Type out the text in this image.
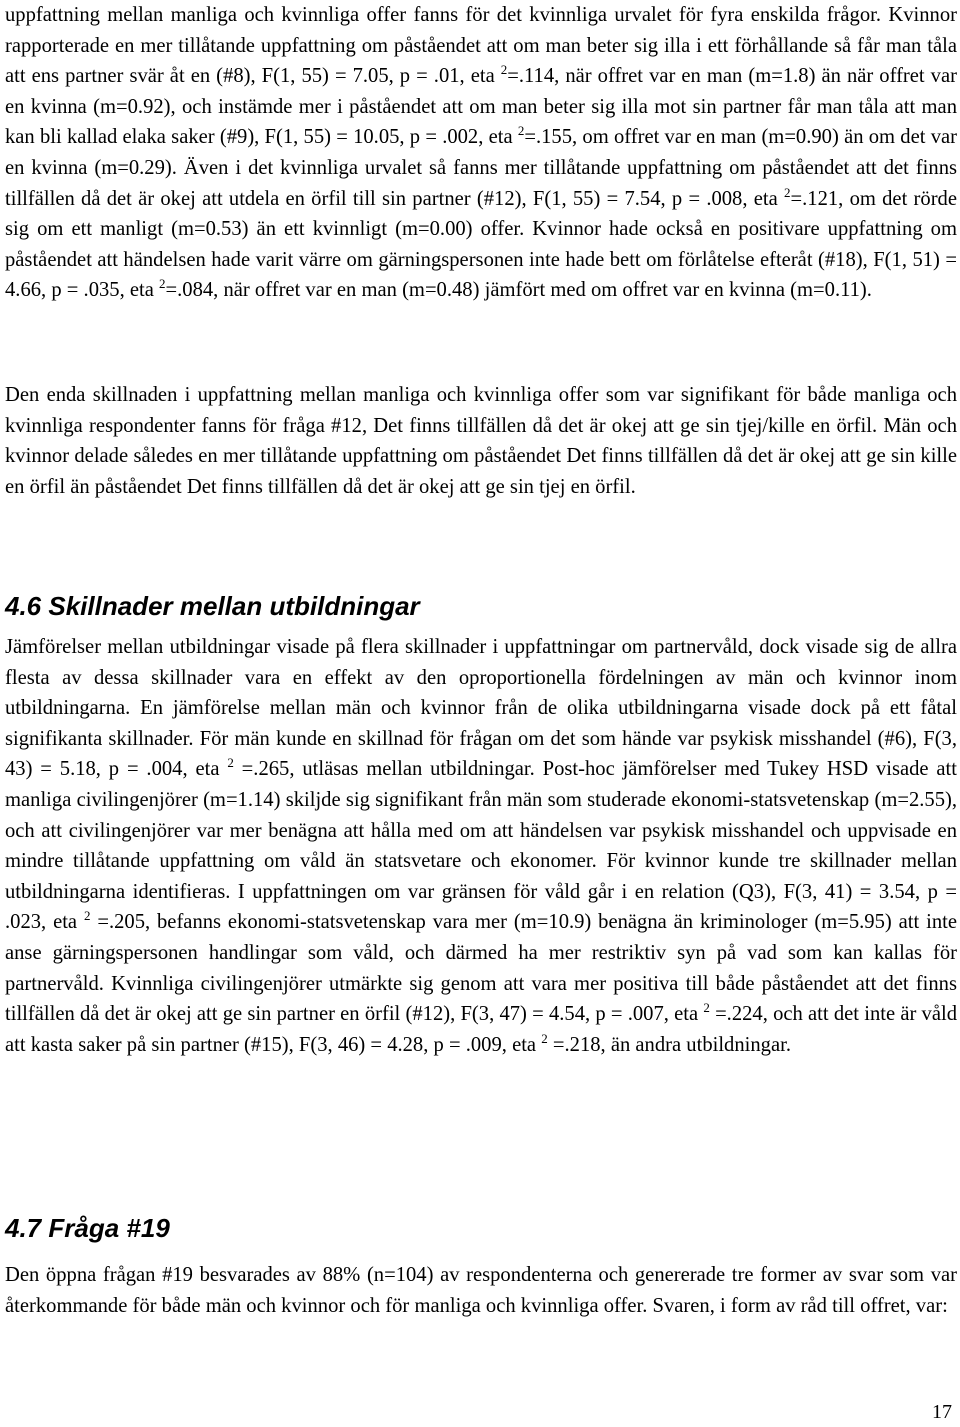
uppfattning mellan manliga och kvinnliga offer fanns för det kvinnliga urvalet för fyra enskilda frågor. Kvinnor rapporterade en mer tillåtande uppfattning om påståendet att om man beter sig illa i ett förhållande så får man tåla att ens partner svär åt en (#8), F(1, 55) = 7.05, p = .01, eta $^2$=.114, när offret var en man (m=1.8) än när offret var en kvinna (m=0.92), och instämde mer i påståendet att om man beter sig illa mot sin partner får man tåla att man kan bli kallad elaka saker (#9), F(1, 55) = 10.05, p = .002, eta $^2$=.155, om offret var en man (m=0.90) än om det var en kvinna (m=0.29). Även i det kvinnliga urvalet så fanns mer tillåtande uppfattning om påståendet att det finns tillfällen då det är okej att utdela en örfil till sin partner (#12), F(1, 55) = 7.54, p = .008, eta $^2$=.121, om det rörde sig om ett manligt (m=0.53) än ett kvinnligt (m=0.00) offer. Kvinnor hade också en positivare uppfattning om påståendet att händelsen hade varit värre om gärningspersonen inte hade bett om förlåtelse efteråt (#18), F(1, 51) = 4.66, p = .035, eta $^2$=.084, när offret var en man (m=0.48) jämfört med om offret var en kvinna (m=0.11).

Den enda skillnaden i uppfattning mellan manliga och kvinnliga offer som var signifikant för både manliga och kvinnliga respondenter fanns för fråga #12, Det finns tillfällen då det är okej att ge sin tjej/kille en örfil. Män och kvinnor delade således en mer tillåtande uppfattning om påståendet Det finns tillfällen då det är okej att ge sin kille en örfil än påståendet Det finns tillfällen då det är okej att ge sin tjej en örfil.

4.6 Skillnader mellan utbildningar

Jämförelser mellan utbildningar visade på flera skillnader i uppfattningar om partnervåld, dock visade sig de allra flesta av dessa skillnader vara en effekt av den oproportionella fördelningen av män och kvinnor inom utbildningarna. En jämförelse mellan män och kvinnor från de olika utbildningarna visade dock på ett fåtal signifikanta skillnader. För män kunde en skillnad för frågan om det som hände var psykisk misshandel (#6), F(3, 43) = 5.18, p = .004, eta $^2$ =.265, utläsas mellan utbildningar. Post-hoc jämförelser med Tukey HSD visade att manliga civilingenjörer (m=1.14) skiljde sig signifikant från män som studerade ekonomi-statsvetenskap (m=2.55), och att civilingenjörer var mer benägna att hålla med om att händelsen var psykisk misshandel och uppvisade en mindre tillåtande uppfattning om våld än statsvetare och ekonomer. För kvinnor kunde tre skillnader mellan utbildningarna identifieras. I uppfattningen om var gränsen för våld går i en relation (Q3), F(3, 41) = 3.54, p = .023, eta $^2$ =.205, befanns ekonomi-statsvetenskap vara mer (m=10.9) benägna än kriminologer (m=5.95) att inte anse gärningspersonen handlingar som våld, och därmed ha mer restriktiv syn på vad som kan kallas för partnervåld. Kvinnliga civilingenjörer utmärkte sig genom att vara mer positiva till både påståendet att det finns tillfällen då det är okej att ge sin partner en örfil (#12), F(3, 47) = 4.54, p = .007, eta $^2$ =.224, och att det inte är våld att kasta saker på sin partner (#15), F(3, 46) = 4.28, p = .009, eta $^2$ =.218, än andra utbildningar.

4.7 Fråga #19

Den öppna frågan #19 besvarades av 88% (n=104) av respondenterna och genererade tre former av svar som var återkommande för både män och kvinnor och för manliga och kvinnliga offer. Svaren, i form av råd till offret, var:

17
